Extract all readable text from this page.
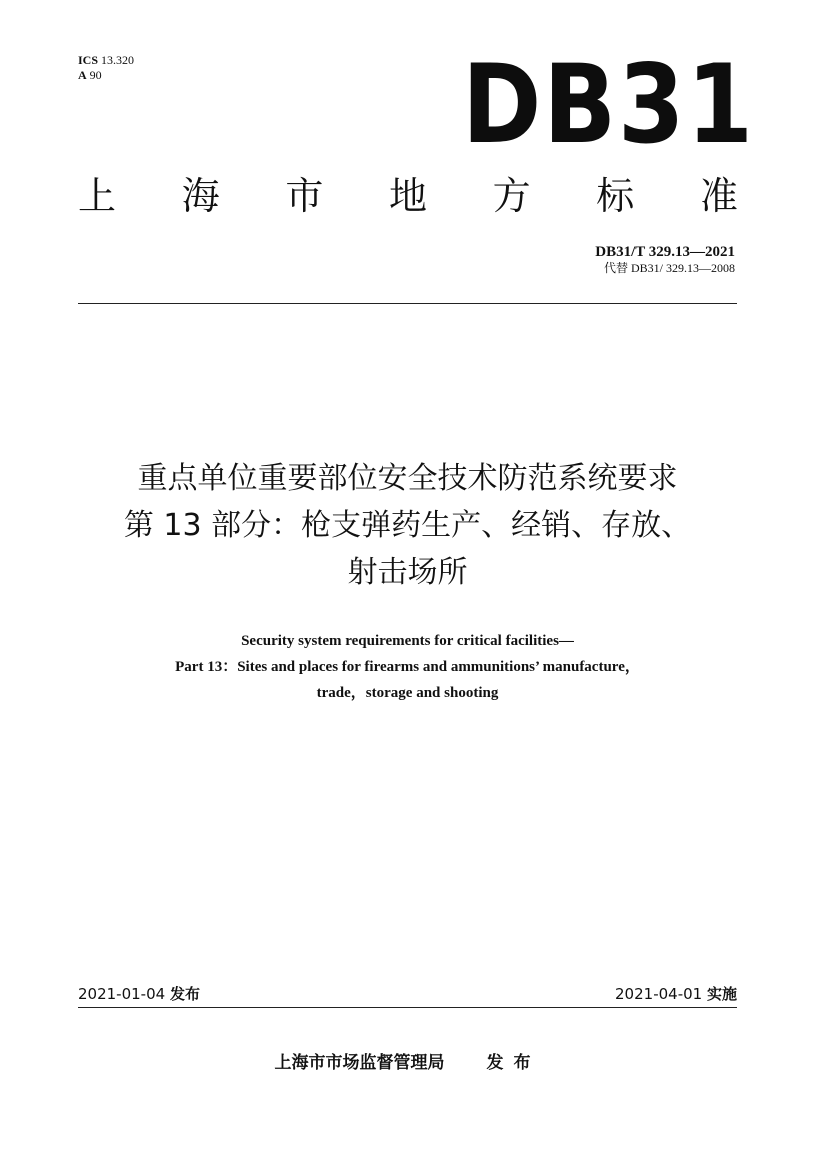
ICS 13.320
A 90	DB31
上 海 市 地 方 标 准
DB31/T 329.13—2021
代替 DB31/ 329.13—2008
重点单位重要部位安全技术防范系统要求
第 13 部分：枪支弹药生产、经销、存放、
射击场所
Security system requirements for critical facilities—
Part 13：Sites and places for firearms and ammunitions’ manufacture，
trade，storage and shooting
2021-01-04 发布	2021-04-01 实施
上海市市场监督管理局 发布
